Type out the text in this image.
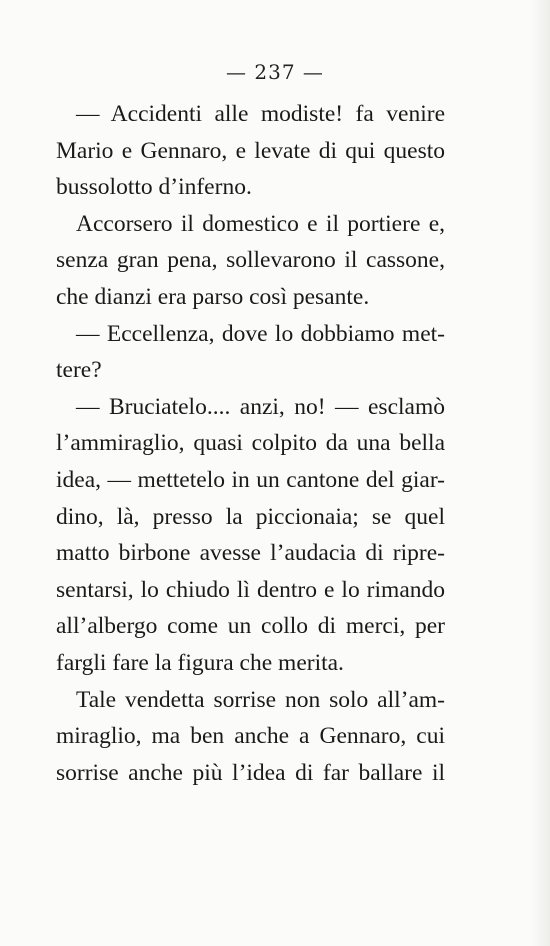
— 237 —

— Accidenti alle modiste! fa venire
Mario e Gennaro, e levate di qui questo
bussolotto d’inferno.

Accorsero il domestico e il portiere e,
senza gran pena, sollevarono il cassone,
che dianzi era parso così pesante.

— Eccellenza, dove lo dobbiamo met-
tere?

— Bruciatelo.... anzi, no! — esclamò
l’ammiraglio, quasi colpito da una bella
idea, — mettetelo in un cantone del giar-
dino, là, presso la piccionaia; se quel
matto birbone avesse l’audacia di ripre-
sentarsi, lo chiudo lì dentro e lo rimando
all’albergo come un collo di merci, per
fargli fare la figura che merita.

Tale vendetta sorrise non solo all’am-
miraglio, ma ben anche a Gennaro, cui
sorrise anche più l’idea di far ballare il
